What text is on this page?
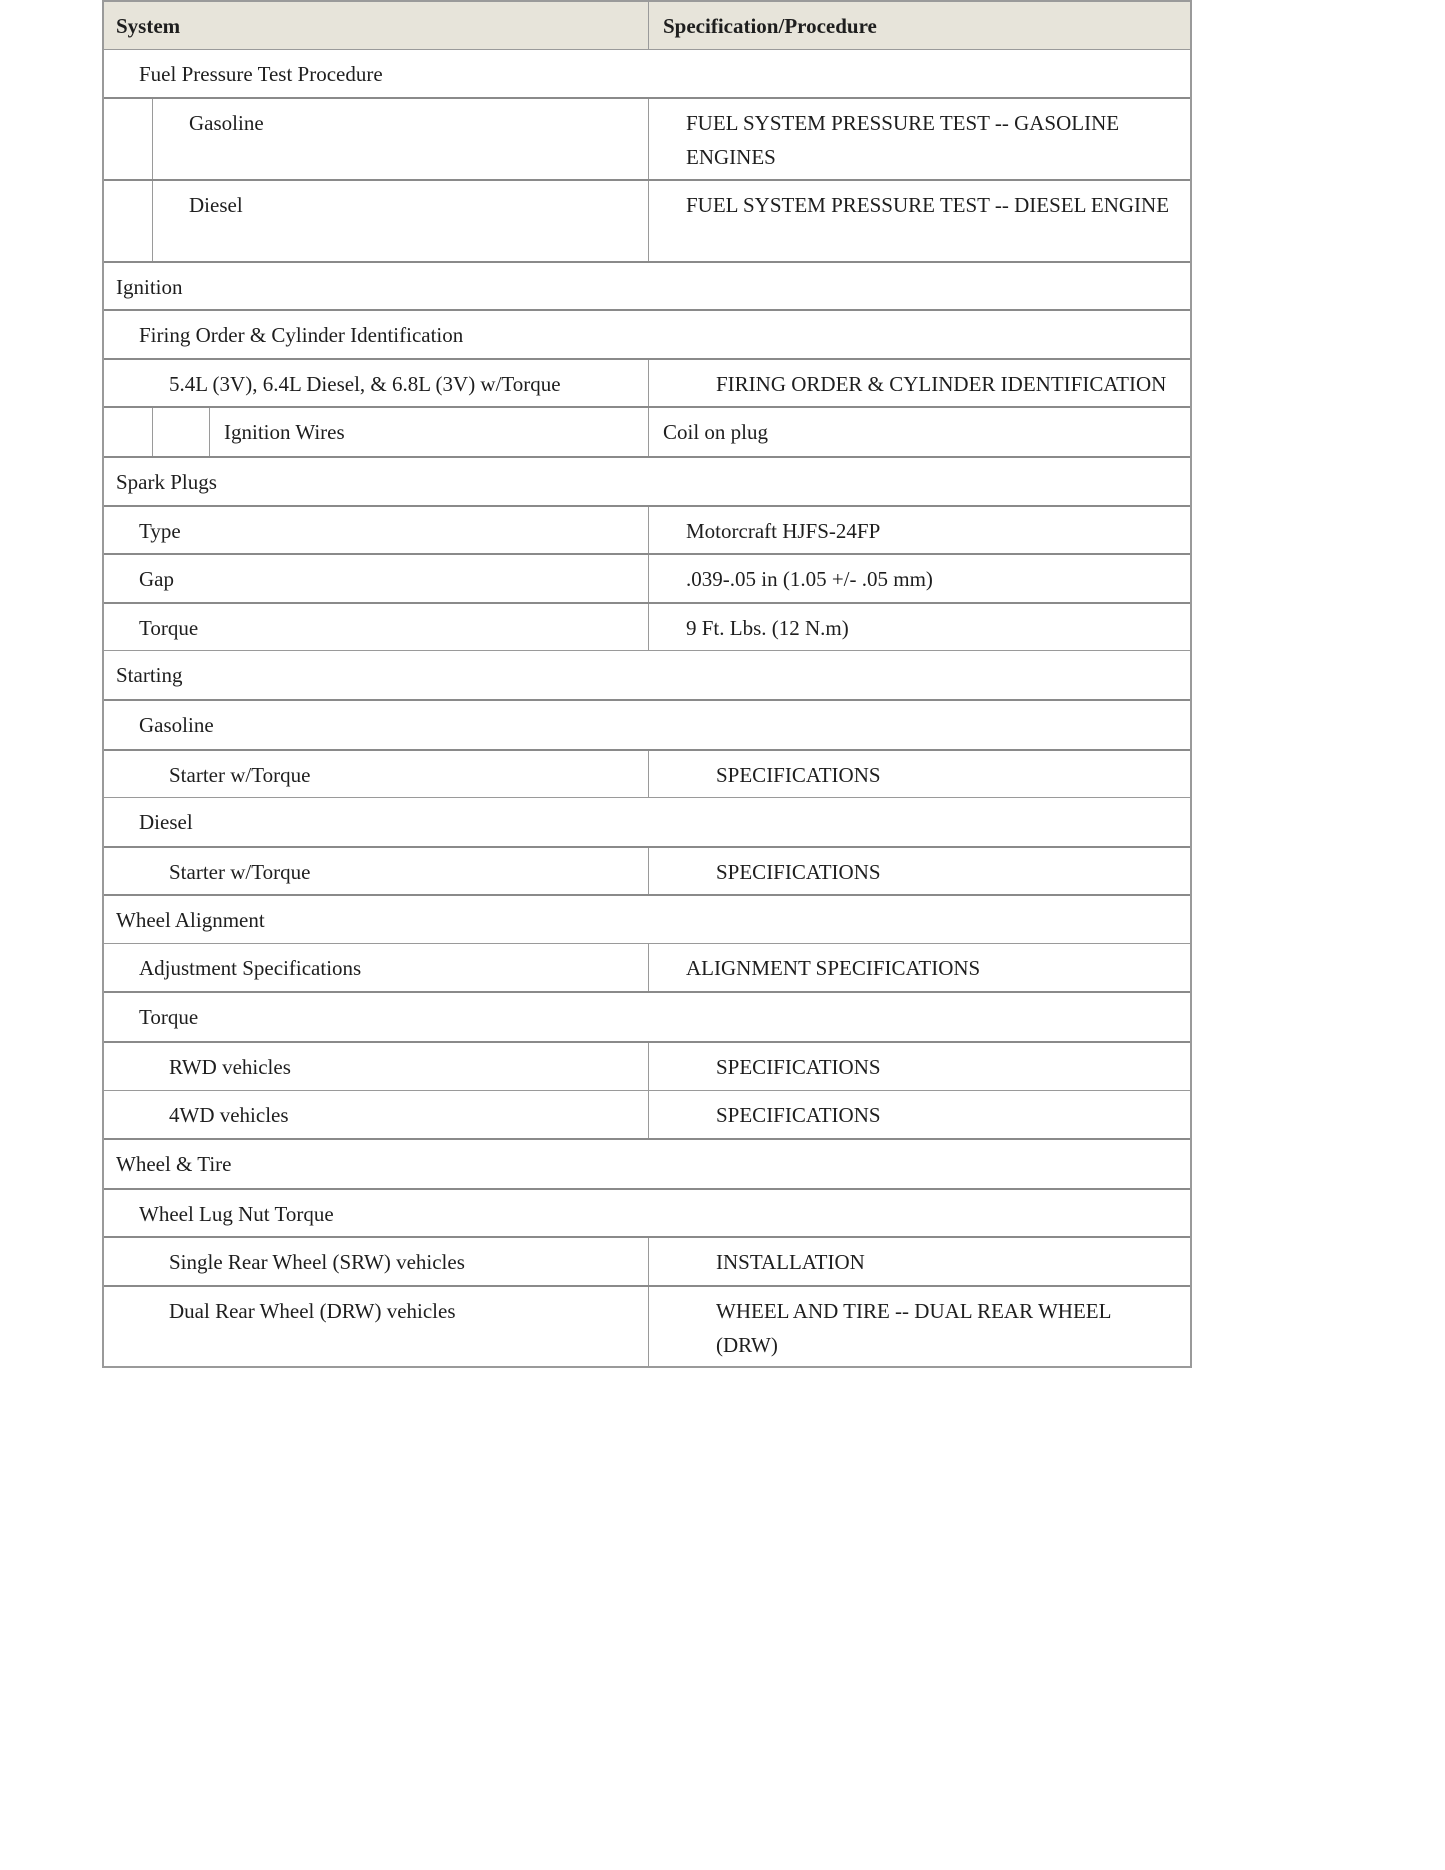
System	Specification/Procedure
Fuel Pressure Test Procedure
Gasoline	FUEL SYSTEM PRESSURE TEST -- GASOLINE ENGINES
Diesel	FUEL SYSTEM PRESSURE TEST -- DIESEL ENGINE
Ignition
Firing Order & Cylinder Identification
5.4L (3V), 6.4L Diesel, & 6.8L (3V) w/Torque	FIRING ORDER & CYLINDER IDENTIFICATION
Ignition Wires	Coil on plug
Spark Plugs
Type	Motorcraft HJFS-24FP
Gap	.039-.05 in (1.05 +/- .05 mm)
Torque	9 Ft. Lbs. (12 N.m)
Starting
Gasoline
Starter w/Torque	SPECIFICATIONS
Diesel
Starter w/Torque	SPECIFICATIONS
Wheel Alignment
Adjustment Specifications	ALIGNMENT SPECIFICATIONS
Torque
RWD vehicles	SPECIFICATIONS
4WD vehicles	SPECIFICATIONS
Wheel & Tire
Wheel Lug Nut Torque
Single Rear Wheel (SRW) vehicles	INSTALLATION
Dual Rear Wheel (DRW) vehicles	WHEEL AND TIRE -- DUAL REAR WHEEL (DRW)
